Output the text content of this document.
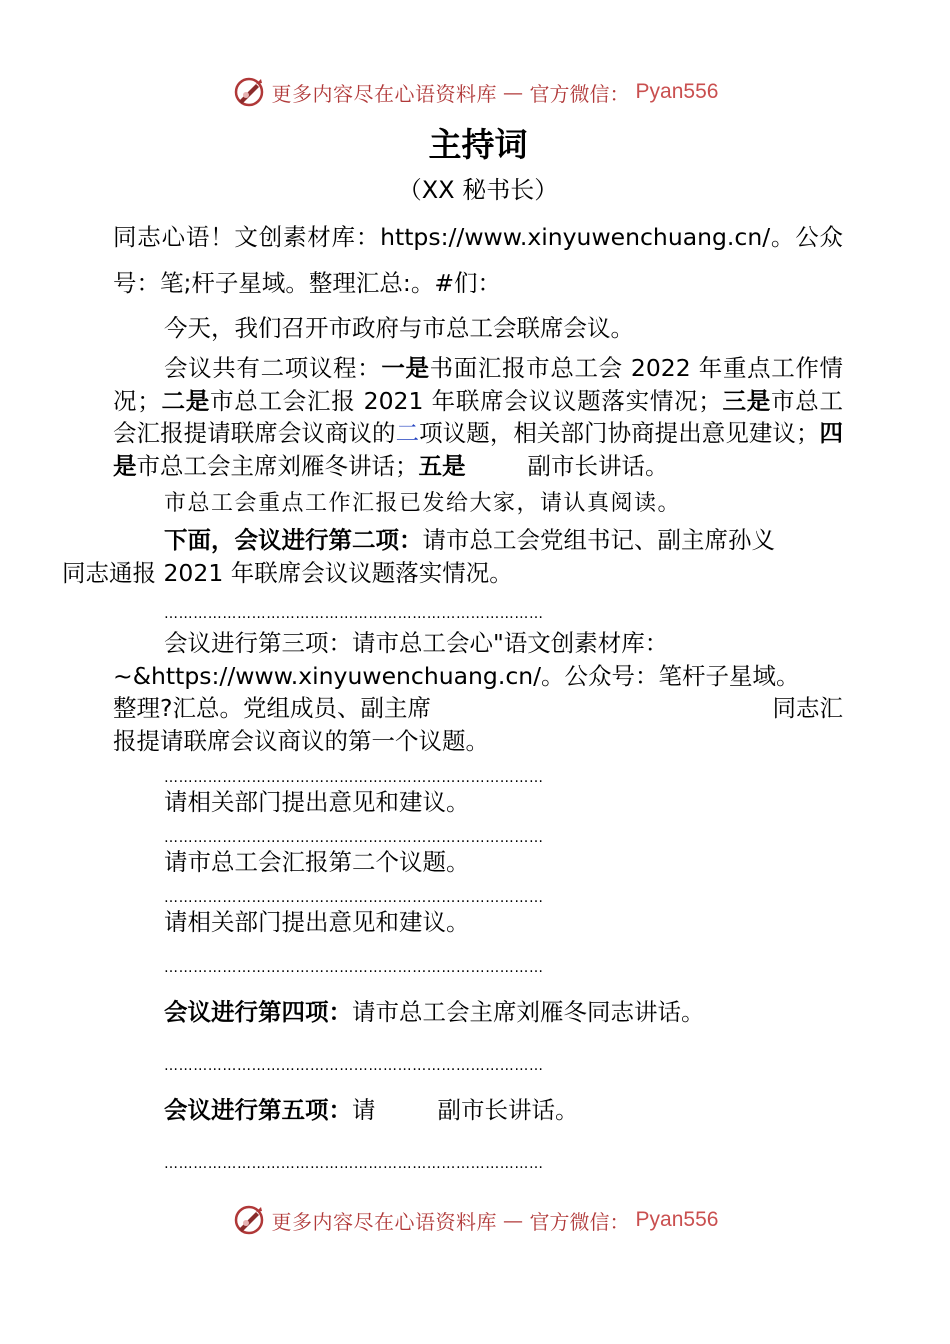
更多内容尽在心语资料库 — 官方微信： Pyan556
主持词
（XX 秘书长）

同志心语！文创素材库：https://www.xinyuwenchuang.cn/。公众号：笔;杆子星域。整理汇总:。#们：

今天，我们召开市政府与市总工会联席会议。

会议共有二项议程：一是书面汇报市总工会 2022 年重点工作情况；二是市总工会汇报 2021 年联席会议议题落实情况；三是市总工会汇报提请联席会议商议的二项议题，相关部门协商提出意见建议；四是市总工会主席刘雁冬讲话；五是	副市长讲话。

市总工会重点工作汇报已发给大家，请认真阅读。

下面，会议进行第二项：请市总工会党组书记、副主席孙义
同志通报 2021 年联席会议议题落实情况。

……………………………………………………………………

会议进行第三项：请市总工会心"语文创素材库：

~&https://www.xinyuwenchuang.cn/。公众号：笔杆子星域。

整理?汇总。党组成员、副主席	同志汇

报提请联席会议商议的第一个议题。

……………………………………………………………………

请相关部门提出意见和建议。

……………………………………………………………………

请市总工会汇报第二个议题。

……………………………………………………………………

请相关部门提出意见和建议。

……………………………………………………………………

会议进行第四项：请市总工会主席刘雁冬同志讲话。

……………………………………………………………………

会议进行第五项：请	副市长讲话。

……………………………………………………………………
更多内容尽在心语资料库 — 官方微信： Pyan556
